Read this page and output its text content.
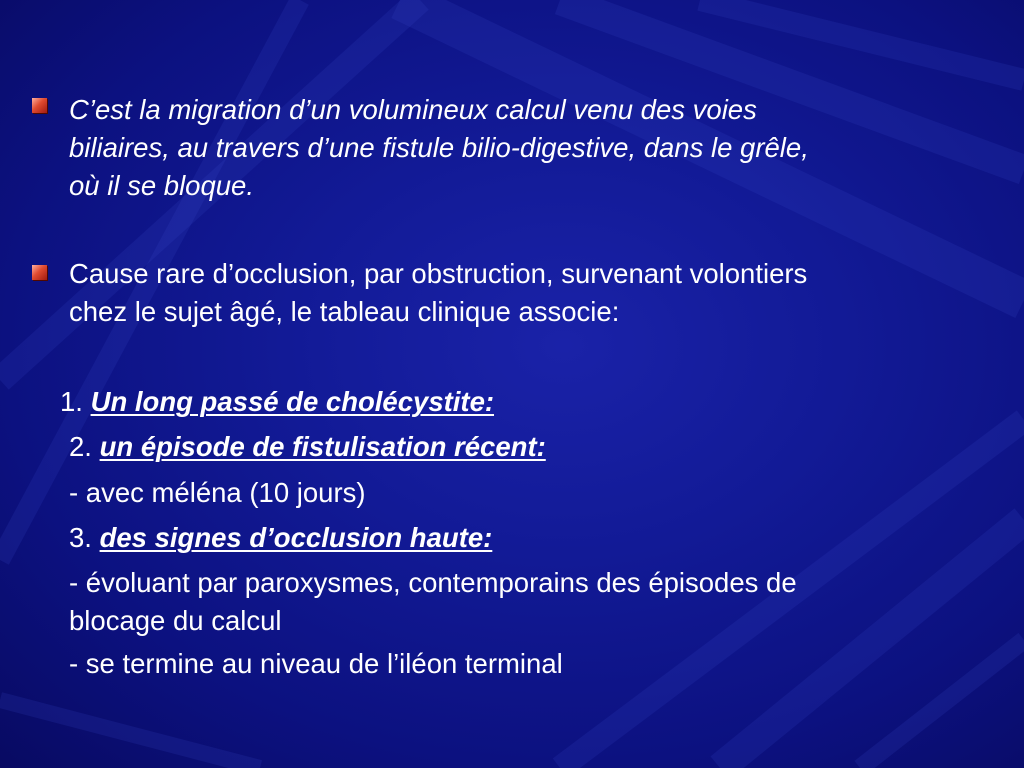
C’est la migration d’un volumineux calcul venu des voies
biliaires, au travers d’une fistule bilio-digestive, dans le grêle,
où il se bloque.
Cause rare d’occlusion, par obstruction, survenant volontiers
chez le sujet âgé, le tableau clinique associe:
1. Un long passé de cholécystite:
2. un épisode de fistulisation récent:
- avec méléna (10 jours)
3. des signes d’occlusion haute:
- évoluant par paroxysmes, contemporains des épisodes de
blocage du calcul
- se termine au niveau de l’iléon terminal
